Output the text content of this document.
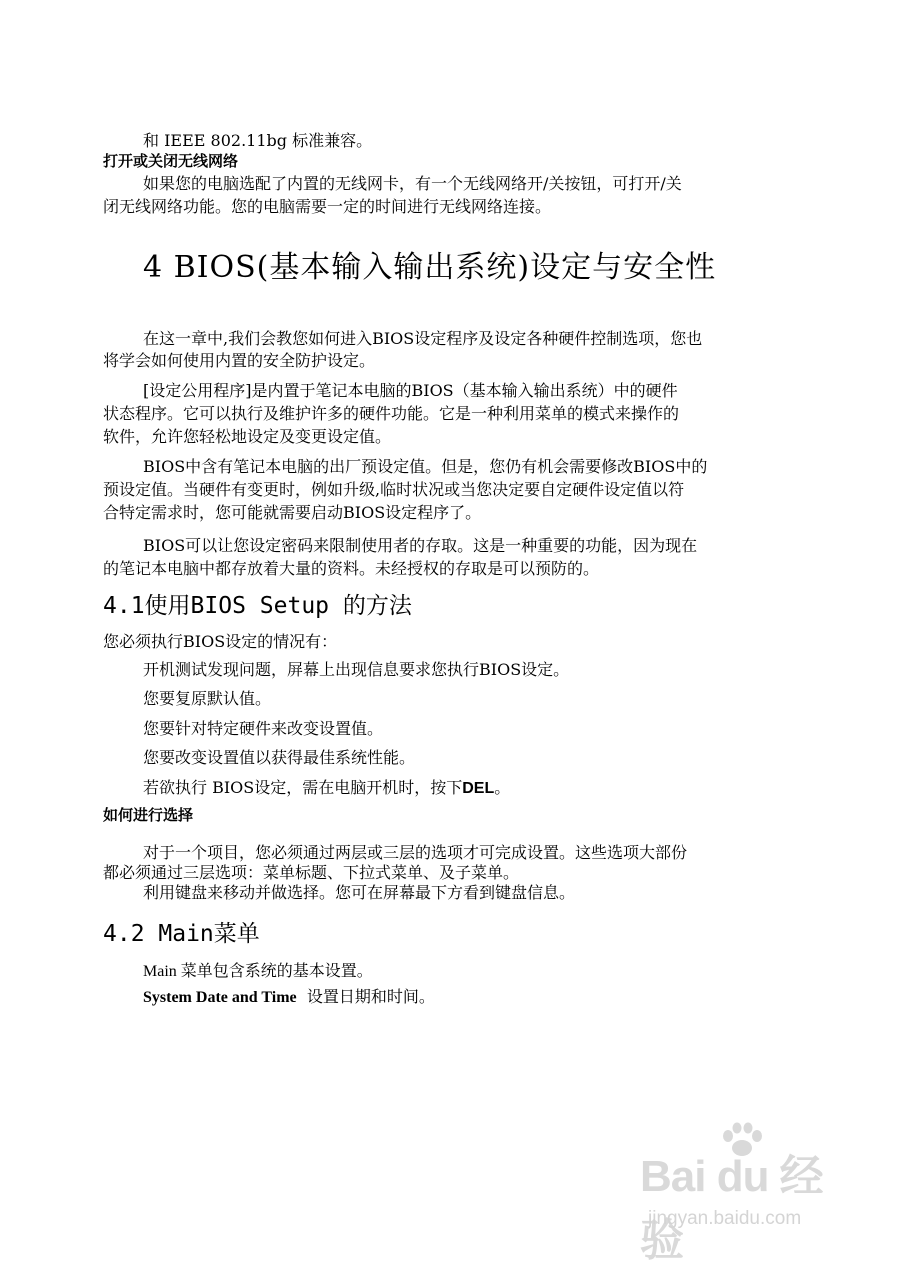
和 IEEE 802.11bg 标准兼容。

打开或关闭无线网络

如果您的电脑选配了内置的无线网卡，有一个无线网络开/关按钮，可打开/关

闭无线网络功能。您的电脑需要一定的时间进行无线网络连接。

4 BIOS(基本输入输出系统)设定与安全性

在这一章中,我们会教您如何进入BIOS设定程序及设定各种硬件控制选项，您也

将学会如何使用内置的安全防护设定。

[设定公用程序]是内置于笔记本电脑的BIOS（基本输入输出系统）中的硬件

状态程序。它可以执行及维护许多的硬件功能。它是一种利用菜单的模式来操作的

软件，允许您轻松地设定及变更设定值。

BIOS中含有笔记本电脑的出厂预设定值。但是，您仍有机会需要修改BIOS中的

预设定值。当硬件有变更时，例如升级,临时状况或当您决定要自定硬件设定值以符

合特定需求时，您可能就需要启动BIOS设定程序了。

BIOS可以让您设定密码来限制使用者的存取。这是一种重要的功能，因为现在

的笔记本电脑中都存放着大量的资料。未经授权的存取是可以预防的。

4.1使用BIOS Setup 的方法

您必须执行BIOS设定的情况有：

开机测试发现问题，屏幕上出现信息要求您执行BIOS设定。

您要复原默认值。

您要针对特定硬件来改变设置值。

您要改变设置值以获得最佳系统性能。

若欲执行 BIOS设定，需在电脑开机时，按下DEL。

如何进行选择

对于一个项目，您必须通过两层或三层的选项才可完成设置。这些选项大部份

都必须通过三层选项：菜单标题、下拉式菜单、及子菜单。

利用键盘来移动并做选择。您可在屏幕最下方看到键盘信息。

4.2 Main菜单

Main 菜单包含系统的基本设置。

System Date and Time 设置日期和时间。

Bai du 经验
jingyan.baidu.com
